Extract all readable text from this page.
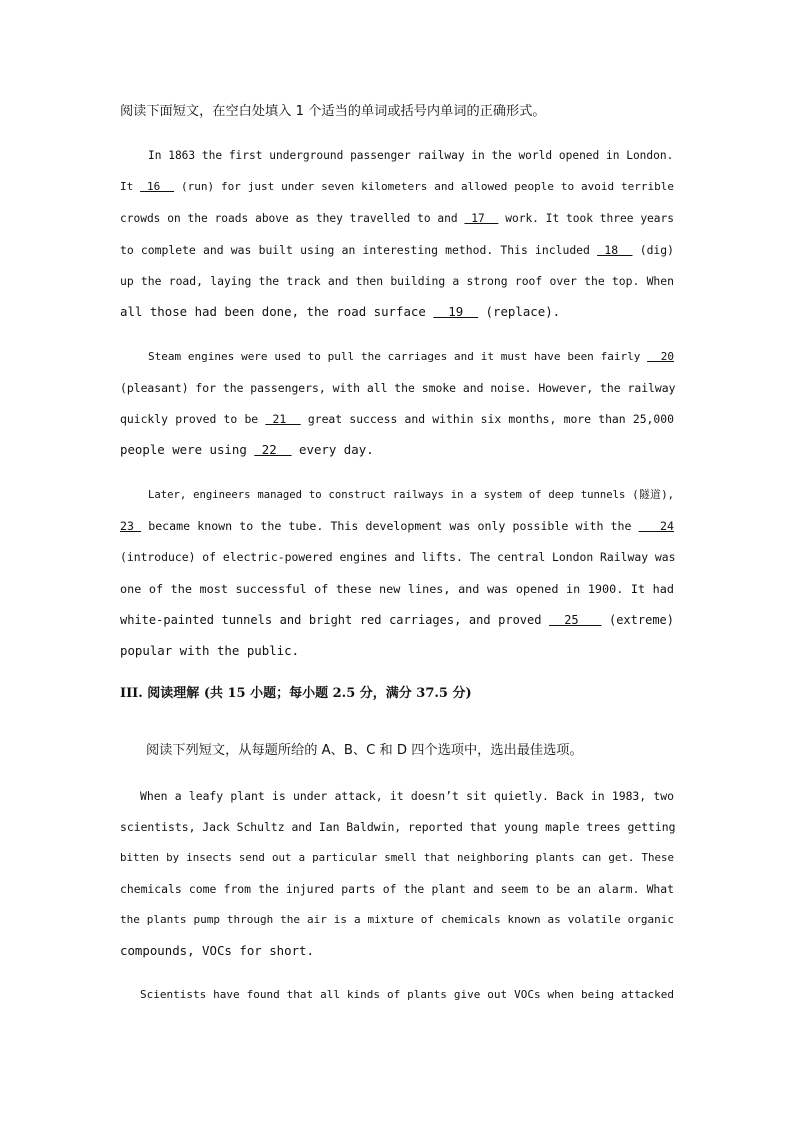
阅读下面短文，在空白处填入 1 个适当的单词或括号内单词的正确形式。
In 1863 the first underground passenger railway in the world opened in London.
It  16   (run) for just under seven kilometers and allowed people to avoid terrible
crowds on the roads above as they travelled to and  17   work. It took three years
to complete and was built using an interesting method. This included  18   (dig)
up the road, laying the track and then building a strong roof over the top. When
all those had been done, the road surface   19   (replace).
Steam engines were used to pull the carriages and it must have been fairly   20
(pleasant) for the passengers, with all the smoke and noise. However, the railway
quickly proved to be  21   great success and within six months, more than 25,000
people were using  22   every day.
Later, engineers managed to construct railways in a system of deep tunnels (隧道),
23  became known to the tube. This development was only possible with the    24
(introduce) of electric-powered engines and lifts. The central London Railway was
one of the most successful of these new lines, and was opened in 1900. It had
white-painted tunnels and bright red carriages, and proved   25    (extreme)
popular with the public.
III. 阅读理解 (共 15 小题；每小题 2.5 分，满分 37.5 分)
阅读下列短文，从每题所给的 A、B、C 和 D 四个选项中，选出最佳选项。
When a leafy plant is under attack, it doesn’t sit quietly. Back in 1983, two
scientists, Jack Schultz and Ian Baldwin, reported that young maple trees getting
bitten by insects send out a particular smell that neighboring plants can get. These
chemicals come from the injured parts of the plant and seem to be an alarm. What
the plants pump through the air is a mixture of chemicals known as volatile organic
compounds, VOCs for short.
Scientists have found that all kinds of plants give out VOCs when being attacked
